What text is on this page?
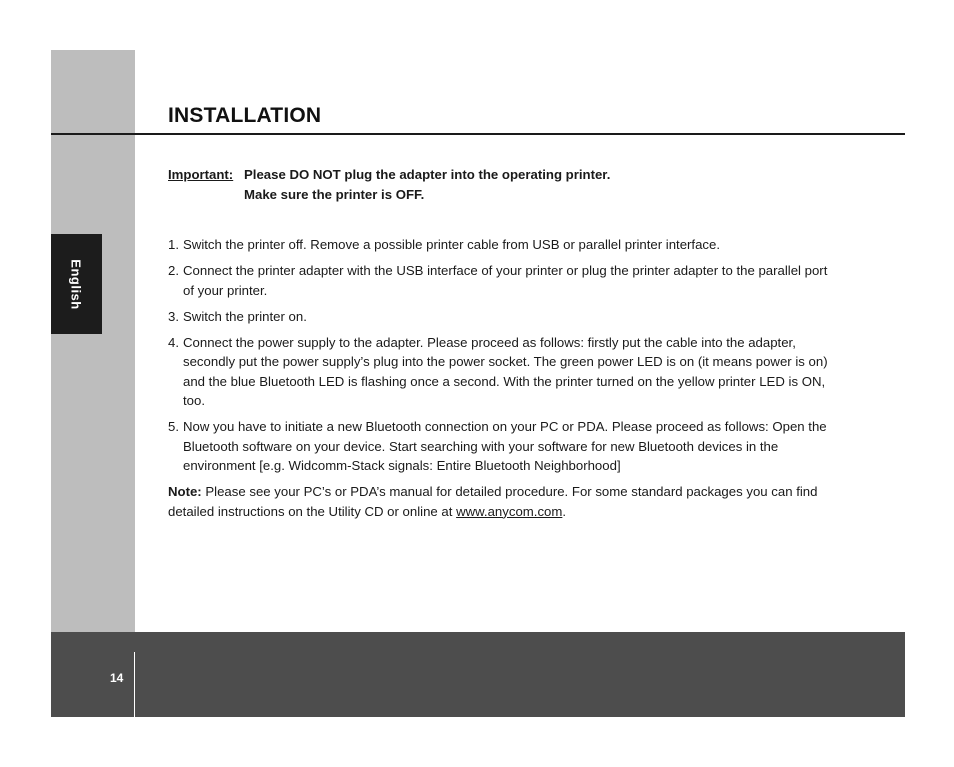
English
INSTALLATION
Important: Please DO NOT plug the adapter into the operating printer.
Make sure the printer is OFF.
1. Switch the printer off. Remove a possible printer cable from USB or parallel printer interface.
2. Connect the printer adapter with the USB interface of your printer or plug the printer adapter to the parallel port of your printer.
3. Switch the printer on.
4. Connect the power supply to the adapter. Please proceed as follows: firstly put the cable into the adapter, secondly put the power supply’s plug into the power socket. The green power LED is on (it means power is on) and the blue Bluetooth LED is flashing once a second. With the printer turned on the yellow printer LED is ON, too.
5. Now you have to initiate a new Bluetooth connection on your PC or PDA. Please proceed as follows: Open the Bluetooth software on your device. Start searching with your software for new Bluetooth devices in the environment [e.g. Widcomm-Stack signals: Entire Bluetooth Neighborhood]
Note: Please see your PC’s or PDA’s manual for detailed procedure. For some standard packages you can find detailed instructions on the Utility CD or online at www.anycom.com.
14
